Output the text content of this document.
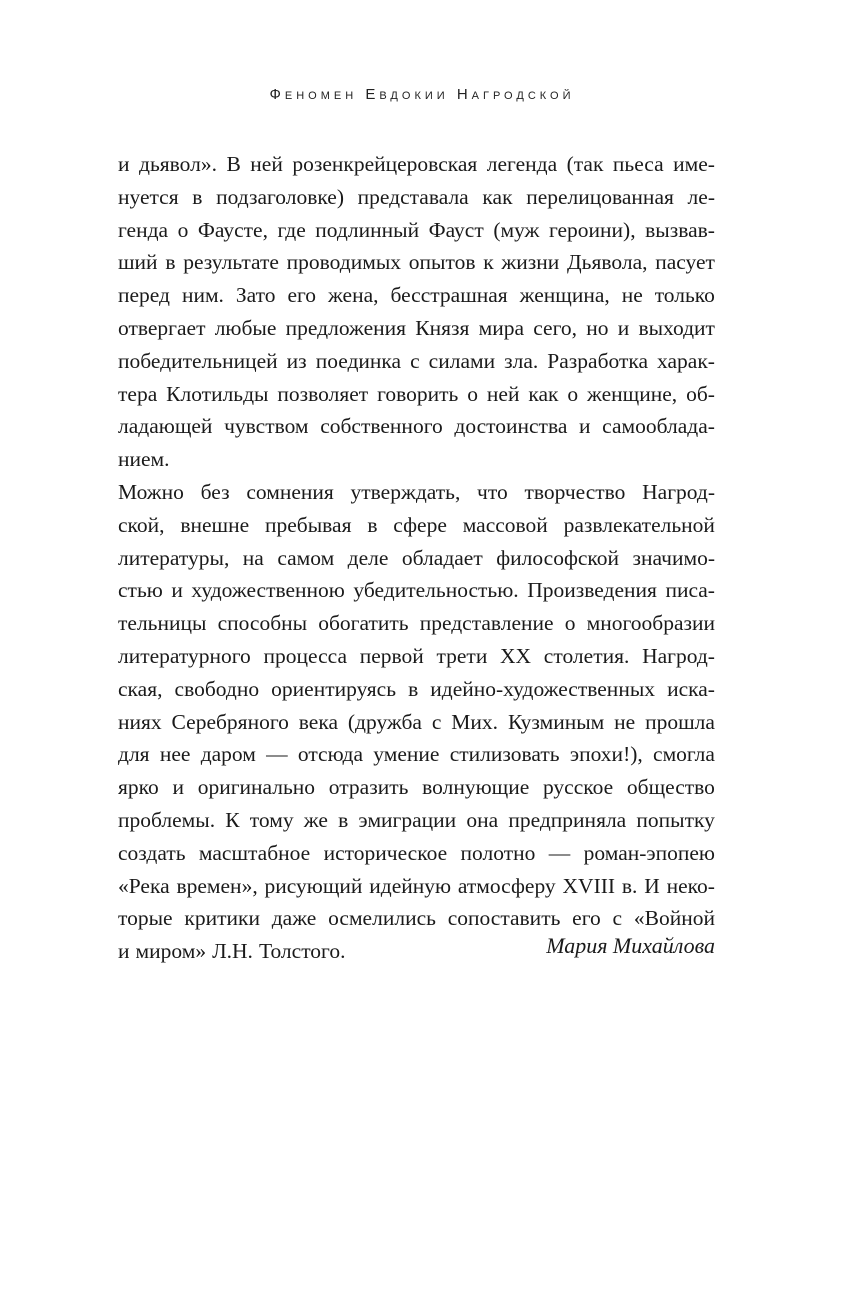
Феномен Евдокии Нагродской
и дьявол». В ней розенкрейцеровская легенда (так пьеса име-
нуется в подзаголовке) представала как перелицованная ле-
генда о Фаусте, где подлинный Фауст (муж героини), вызвав-
ший в результате проводимых опытов к жизни Дьявола, пасует
перед ним. Зато его жена, бесстрашная женщина, не только
отвергает любые предложения Князя мира сего, но и выходит
победительницей из поединка с силами зла. Разработка харак-
тера Клотильды позволяет говорить о ней как о женщине, об-
ладающей чувством собственного достоинства и самообладa-
нием.
Можно без сомнения утверждать, что творчество Нагрод-
ской, внешне пребывая в сфере массовой развлекательной
литературы, на самом деле обладает философской значимо-
стью и художественною убедительностью. Произведения писа-
тельницы способны обогатить представление о многообразии
литературного процесса первой трети XX столетия. Нагрод-
ская, свободно ориентируясь в идейно-художественных иска-
ниях Серебряного века (дружба с Мих. Кузминым не прошла
для нее даром — отсюда умение стилизовать эпохи!), смогла
ярко и оригинально отразить волнующие русское общество
проблемы. К тому же в эмиграции она предприняла попытку
создать масштабное историческое полотно — роман-эпопею
«Река времен», рисующий идейную атмосферу XVIII в. И неко-
торые критики даже осмелились сопоставить его с «Войной
и миром» Л.Н. Толстого.	Мария Михайлова
